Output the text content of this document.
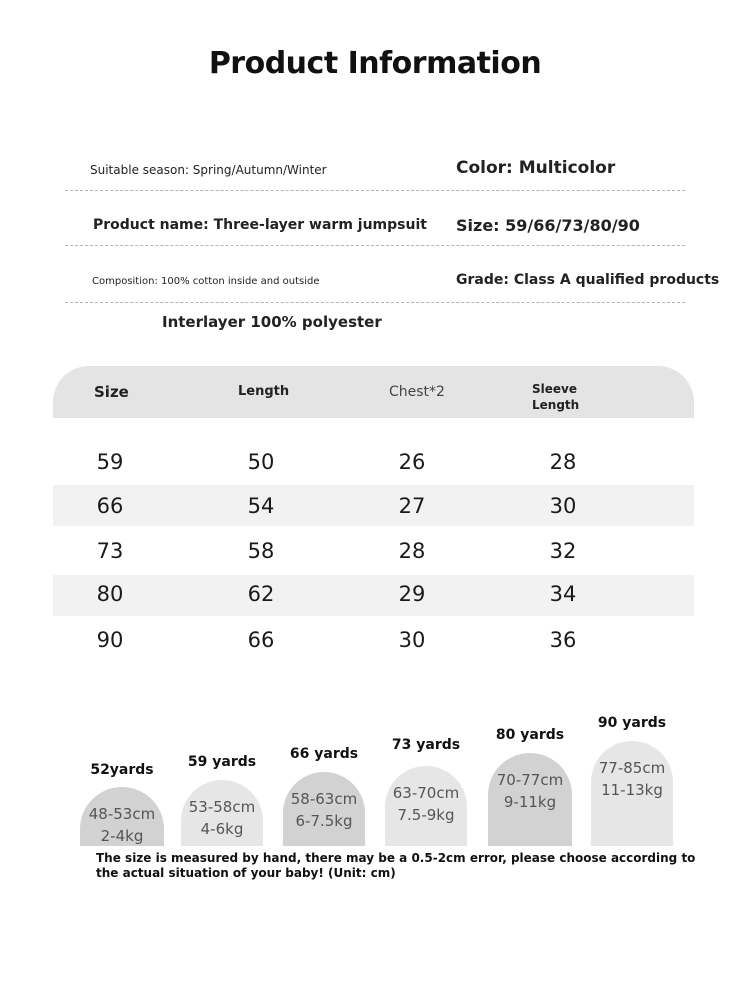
Product Information
Suitable season: Spring/Autumn/Winter	Color: Multicolor
Product name: Three-layer warm jumpsuit Size: 59/66/73/80/90
Composition: 100% cotton inside and outside	Grade: Class A qualified products
Interlayer 100% polyester
Size	Length	Chest*2	Sleeve
Length
59	50	26	28
66	54	27	30
73	58	28	32
80	62	29	34
90	66	30	36
52yards
48-53cm
2-4kg
59 yards
53-58cm
4-6kg
66 yards
58-63cm
6-7.5kg
73 yards
63-70cm
7.5-9kg
80 yards
70-77cm
9-11kg
90 yards
77-85cm
11-13kg
The size is measured by hand, there may be a 0.5-2cm error, please choose according to the actual situation of your baby! (Unit: cm)
